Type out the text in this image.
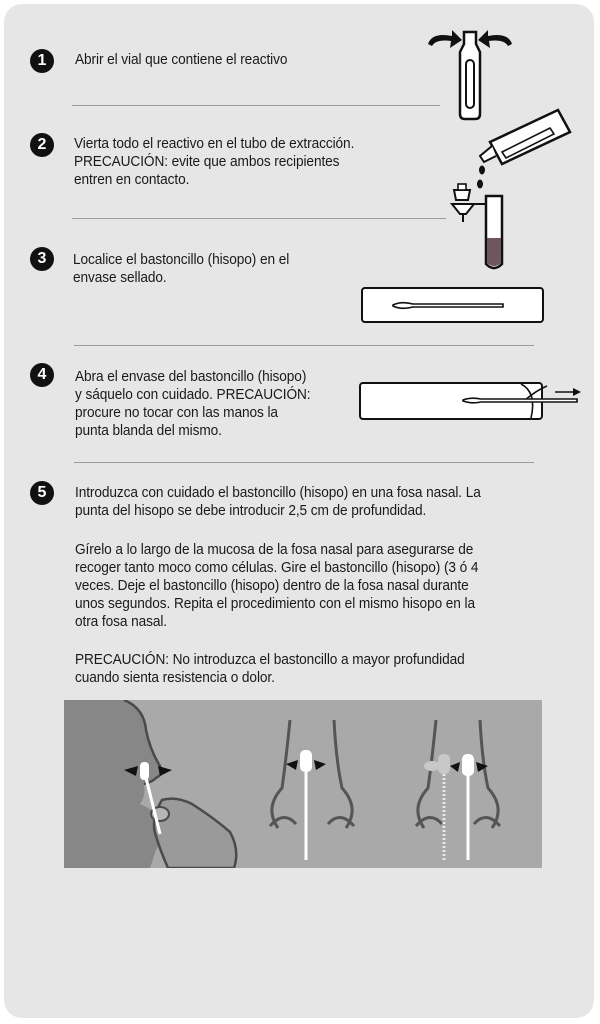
1	Abrir el vial que contiene el reactivo
2	Vierta todo el reactivo en el tubo de extracción.
PRECAUCIÓN: evite que ambos recipientes
entren en contacto.
3	Localice el bastoncillo (hisopo) en el
envase sellado.
4	Abra el envase del bastoncillo (hisopo)
y sáquelo con cuidado. PRECAUCIÓN:
procure no tocar con las manos la
punta blanda del mismo.
5	Introduzca con cuidado el bastoncillo (hisopo) en una fosa nasal. La
punta del hisopo se debe introducir 2,5 cm de profundidad.
Gírelo a lo largo de la mucosa de la fosa nasal para asegurarse de
recoger tanto moco como células. Gire el bastoncillo (hisopo) (3 ó 4
veces. Deje el bastoncillo (hisopo) dentro de la fosa nasal durante
unos segundos. Repita el procedimiento con el mismo hisopo en la
otra fosa nasal.
PRECAUCIÓN: No introduzca el bastoncillo a mayor profundidad
cuando sienta resistencia o dolor.
